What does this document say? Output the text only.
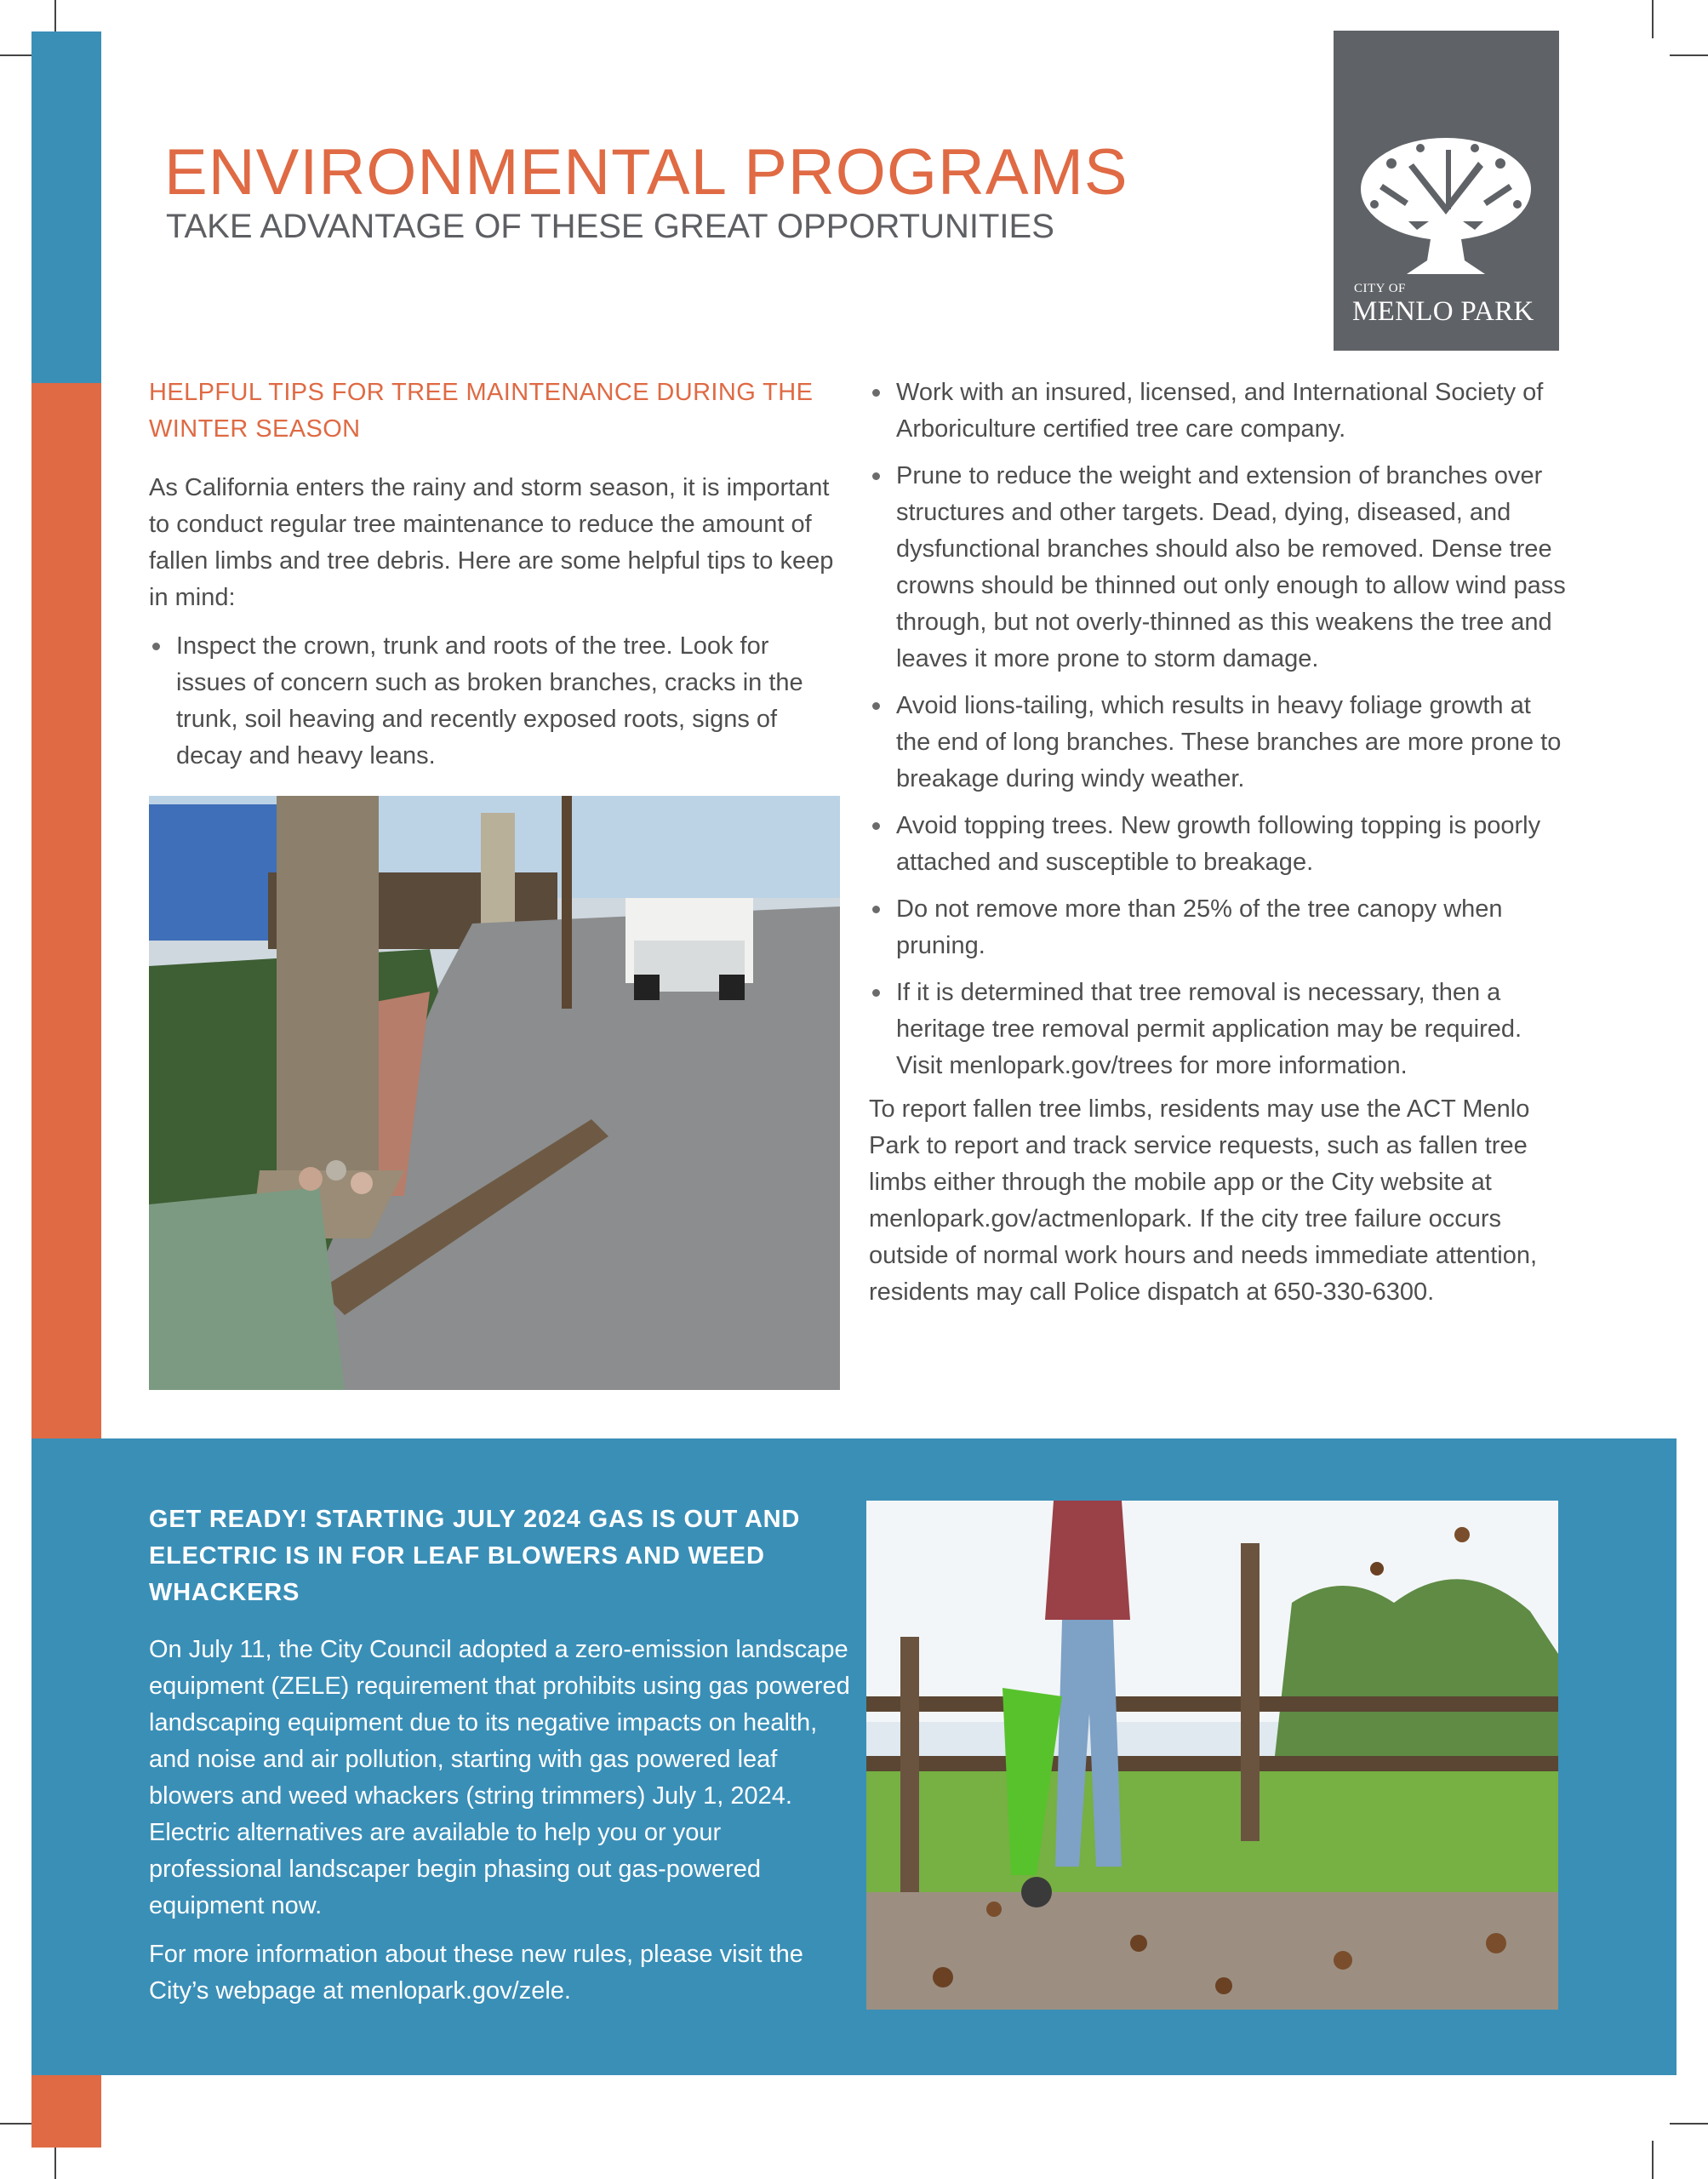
ENVIRONMENTAL PROGRAMS
TAKE ADVANTAGE OF THESE GREAT OPPORTUNITIES
CITY OF
MENLO PARK
HELPFUL TIPS FOR TREE MAINTENANCE DURING THE WINTER SEASON

As California enters the rainy and storm season, it is important to conduct regular tree maintenance to reduce the amount of fallen limbs and tree debris. Here are some helpful tips to keep in mind:

Inspect the crown, trunk and roots of the tree. Look for issues of concern such as broken branches, cracks in the trunk, soil heaving and recently exposed roots, signs of decay and heavy leans.
Work with an insured, licensed, and International Society of Arboriculture certified tree care company.
Prune to reduce the weight and extension of branches over structures and other targets. Dead, dying, diseased, and dysfunctional branches should also be removed. Dense tree crowns should be thinned out only enough to allow wind pass through, but not overly-thinned as this weakens the tree and leaves it more prone to storm damage.
Avoid lions-tailing, which results in heavy foliage growth at the end of long branches. These branches are more prone to breakage during windy weather.
Avoid topping trees. New growth following topping is poorly attached and susceptible to breakage.
Do not remove more than 25% of the tree canopy when pruning.
If it is determined that tree removal is necessary, then a heritage tree removal permit application may be required. Visit menlopark.gov/trees for more information.

To report fallen tree limbs, residents may use the ACT Menlo Park to report and track service requests, such as fallen tree limbs either through the mobile app or the City website at menlopark.gov/actmenlopark. If the city tree failure occurs outside of normal work hours and needs immediate attention, residents may call Police dispatch at 650-330-6300.

GET READY! STARTING JULY 2024 GAS IS OUT AND ELECTRIC IS IN FOR LEAF BLOWERS AND WEED WHACKERS

On July 11, the City Council adopted a zero-emission landscape equipment (ZELE) requirement that prohibits using gas powered landscaping equipment due to its negative impacts on health, and noise and air pollution, starting with gas powered leaf blowers and weed whackers (string trimmers) July 1, 2024. Electric alternatives are available to help you or your professional landscaper begin phasing out gas-powered equipment now.

For more information about these new rules, please visit the City’s webpage at menlopark.gov/zele.
